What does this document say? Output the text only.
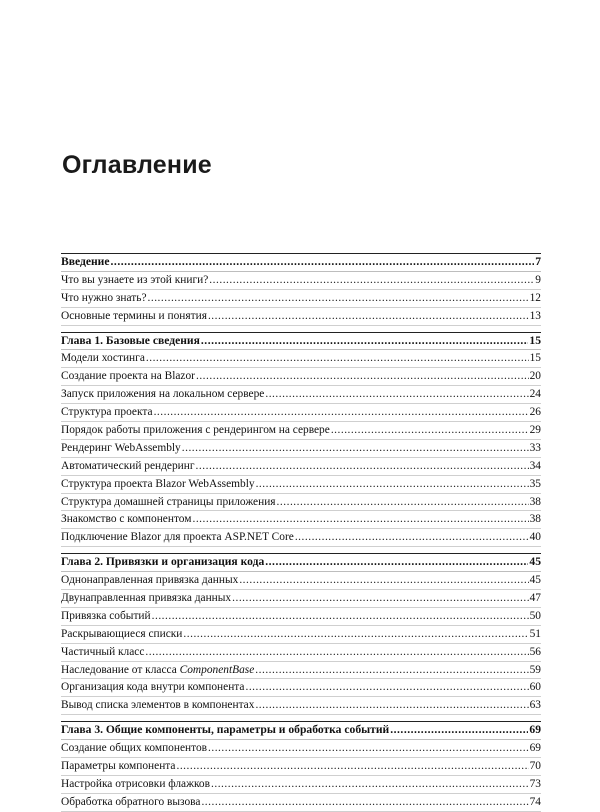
Оглавление
Введение .....	7
Что вы узнаете из этой книги? .....	9
Что нужно знать? .....	12
Основные термины и понятия .....	13
Глава 1. Базовые сведения .....	15
Модели хостинга .....	15
Создание проекта на Blazor .....	20
Запуск приложения на локальном сервере .....	24
Структура проекта .....	26
Порядок работы приложения с рендерингом на сервере .....	29
Рендеринг WebAssembly .....	33
Автоматический рендеринг .....	34
Структура проекта Blazor WebAssembly .....	35
Структура домашней страницы приложения .....	38
Знакомство с компонентом .....	38
Подключение Blazor для проекта ASP.NET Core .....	40
Глава 2. Привязки и организация кода .....	45
Однонаправленная привязка данных .....	45
Двунаправленная привязка данных .....	47
Привязка событий .....	50
Раскрывающиеся списки .....	51
Частичный класс .....	56
Наследование от класса ComponentBase .....	59
Организация кода внутри компонента .....	60
Вывод списка элементов в компонентах .....	63
Глава 3. Общие компоненты, параметры и обработка событий .....	69
Создание общих компонентов .....	69
Параметры компонента .....	70
Настройка отрисовки флажков .....	73
Обработка обратного вызова .....	74
